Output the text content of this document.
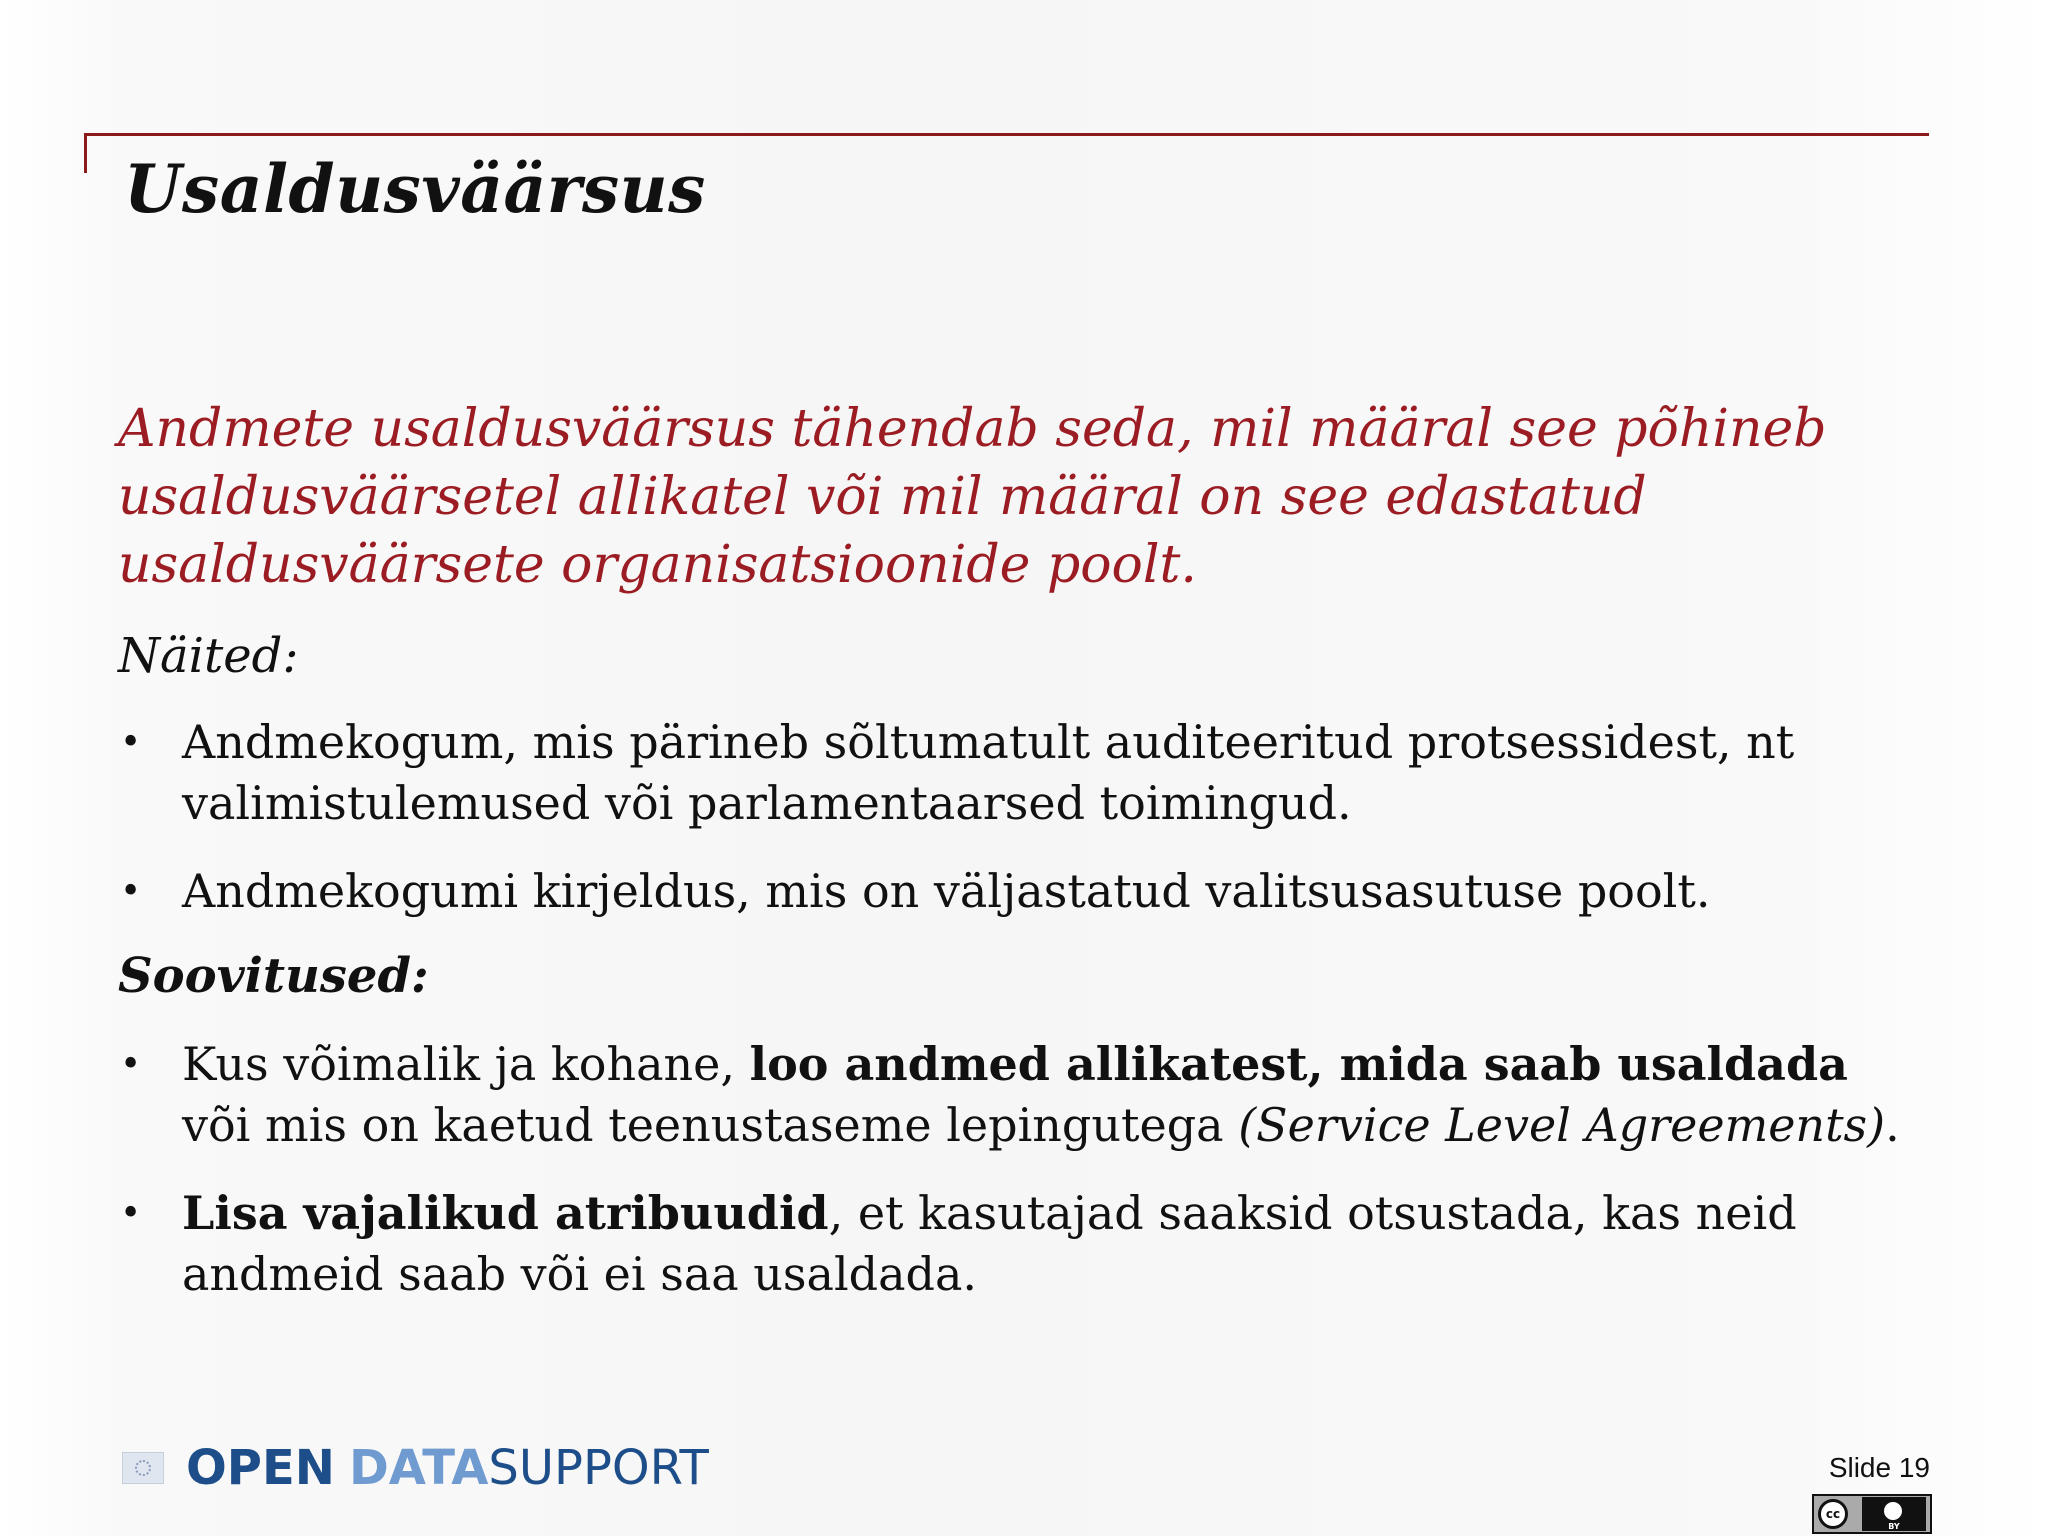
Usaldusväärsus

Andmete usaldusväärsus tähendab seda, mil määral see põhineb usaldusväärsetel allikatel või mil määral on see edastatud usaldusväärsete organisatsioonide poolt.

Näited:

• Andmekogum, mis pärineb sõltumatult auditeeritud protsessidest, nt valimistulemused või parlamentaarsed toimingud.
• Andmekogumi kirjeldus, mis on väljastatud valitsusasutuse poolt.

Soovitused:

• Kus võimalik ja kohane, loo andmed allikatest, mida saab usaldada või mis on kaetud teenustaseme lepingutega (Service Level Agreements).
• Lisa vajalikud atribuudid, et kasutajad saaksid otsustada, kas neid andmeid saab või ei saa usaldada.
OPEN DATASUPPORT	Slide 19
cc
BY
